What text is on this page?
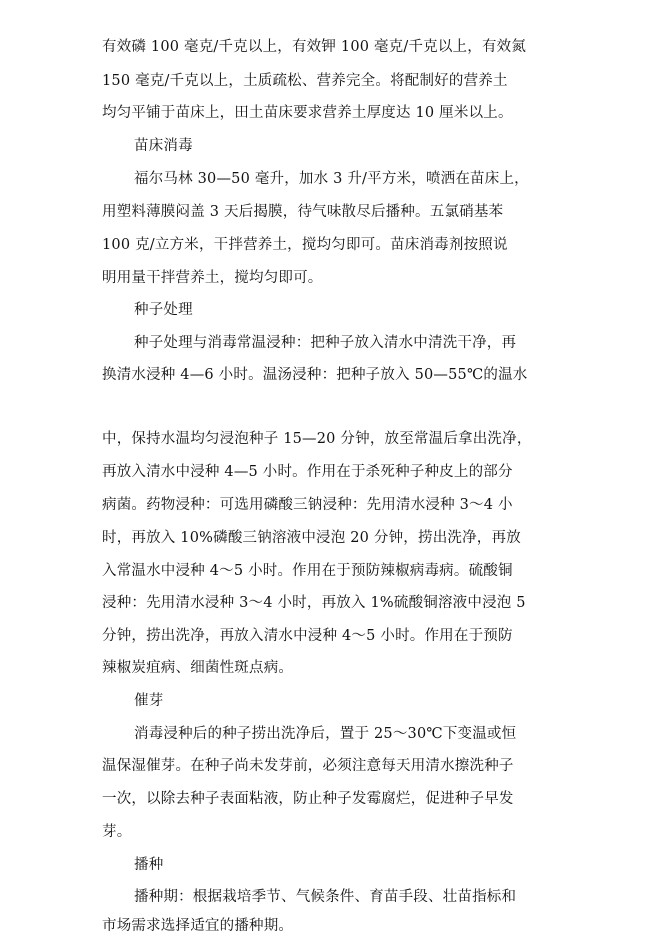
有效磷 100 毫克/千克以上，有效钾 100 毫克/千克以上，有效氮
150 毫克/千克以上，土质疏松、营养完全。将配制好的营养土
均匀平铺于苗床上，田土苗床要求营养土厚度达 10 厘米以上。
苗床消毒
福尔马林 30—50 毫升，加水 3 升/平方米，喷洒在苗床上，
用塑料薄膜闷盖 3 天后揭膜，待气味散尽后播种。五氯硝基苯
100 克/立方米，干拌营养土，搅均匀即可。苗床消毒剂按照说
明用量干拌营养土，搅均匀即可。
种子处理
种子处理与消毒常温浸种：把种子放入清水中清洗干净，再
换清水浸种 4—6 小时。温汤浸种：把种子放入 50—55℃的温水
中，保持水温均匀浸泡种子 15—20 分钟，放至常温后拿出洗净，
再放入清水中浸种 4—5 小时。作用在于杀死种子种皮上的部分
病菌。药物浸种：可选用磷酸三钠浸种：先用清水浸种 3～4 小
时，再放入 10%磷酸三钠溶液中浸泡 20 分钟，捞出洗净，再放
入常温水中浸种 4～5 小时。作用在于预防辣椒病毒病。硫酸铜
浸种：先用清水浸种 3～4 小时，再放入 1%硫酸铜溶液中浸泡 5
分钟，捞出洗净，再放入清水中浸种 4～5 小时。作用在于预防
辣椒炭疽病、细菌性斑点病。
催芽
消毒浸种后的种子捞出洗净后，置于 25～30℃下变温或恒
温保湿催芽。在种子尚未发芽前，必须注意每天用清水擦洗种子
一次，以除去种子表面粘液，防止种子发霉腐烂，促进种子早发
芽。
播种
播种期：根据栽培季节、气候条件、育苗手段、壮苗指标和
市场需求选择适宜的播种期。
